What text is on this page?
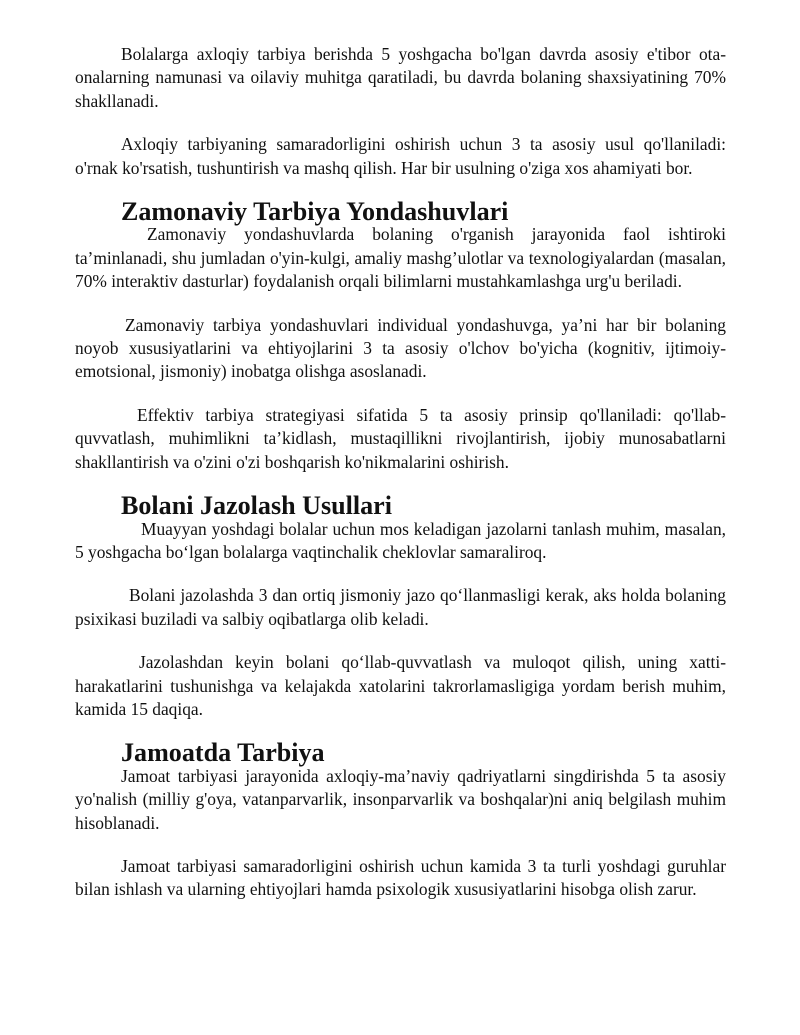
Bolalarga axloqiy tarbiya berishda 5 yoshgacha bo'lgan davrda asosiy e'tibor ota-onalarning namunasi va oilaviy muhitga qaratiladi, bu davrda bolaning shaxsiyatining 70% shakllanadi.

Axloqiy tarbiyaning samaradorligini oshirish uchun 3 ta asosiy usul qo'llaniladi: o'rnak ko'rsatish, tushuntirish va mashq qilish. Har bir usulning o'ziga xos ahamiyati bor.

Zamonaviy Tarbiya Yondashuvlari

Zamonaviy yondashuvlarda bolaning o'rganish jarayonida faol ishtiroki ta’minlanadi, shu jumladan o'yin-kulgi, amaliy mashg’ulotlar va texnologiyalardan (masalan, 70% interaktiv dasturlar) foydalanish orqali bilimlarni mustahkamlashga urg'u beriladi.

Zamonaviy tarbiya yondashuvlari individual yondashuvga, ya’ni har bir bolaning noyob xususiyatlarini va ehtiyojlarini 3 ta asosiy o'lchov bo'yicha (kognitiv, ijtimoiy-emotsional, jismoniy) inobatga olishga asoslanadi.

Effektiv tarbiya strategiyasi sifatida 5 ta asosiy prinsip qo'llaniladi: qo'llab-quvvatlash, muhimlikni ta’kidlash, mustaqillikni rivojlantirish, ijobiy munosabatlarni shakllantirish va o'zini o'zi boshqarish ko'nikmalarini oshirish.

Bolani Jazolash Usullari

Muayyan yoshdagi bolalar uchun mos keladigan jazolarni tanlash muhim, masalan, 5 yoshgacha boʻlgan bolalarga vaqtinchalik cheklovlar samaraliroq.

Bolani jazolashda 3 dan ortiq jismoniy jazo qoʻllanmasligi kerak, aks holda bolaning psixikasi buziladi va salbiy oqibatlarga olib keladi.

Jazolashdan keyin bolani qoʻllab-quvvatlash va muloqot qilish, uning xatti-harakatlarini tushunishga va kelajakda xatolarini takrorlamasligiga yordam berish muhim, kamida 15 daqiqa.

Jamoatda Tarbiya

Jamoat tarbiyasi jarayonida axloqiy-ma’naviy qadriyatlarni singdirishda 5 ta asosiy yo'nalish (milliy g'oya, vatanparvarlik, insonparvarlik va boshqalar)ni aniq belgilash muhim hisoblanadi.

Jamoat tarbiyasi samaradorligini oshirish uchun kamida 3 ta turli yoshdagi guruhlar bilan ishlash va ularning ehtiyojlari hamda psixologik xususiyatlarini hisobga olish zarur.
